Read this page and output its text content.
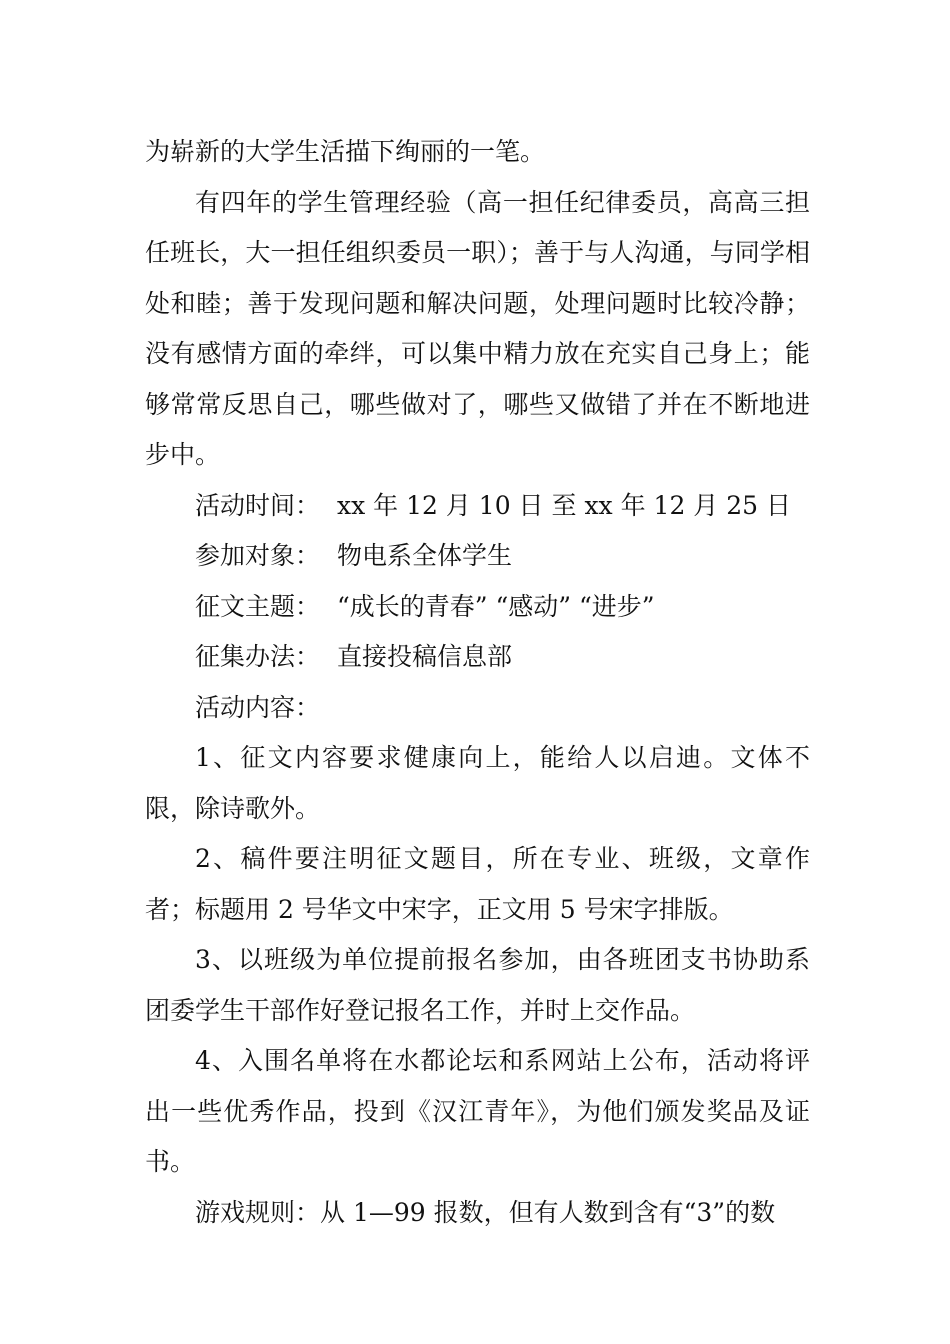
为崭新的大学生活描下绚丽的一笔。

有四年的学生管理经验（高一担任纪律委员，高高三担任班长，大一担任组织委员一职）；善于与人沟通，与同学相处和睦；善于发现问题和解决问题，处理问题时比较冷静；没有感情方面的牵绊，可以集中精力放在充实自己身上；能够常常反思自己，哪些做对了，哪些又做错了并在不断地进步中。

活动时间： xx 年 12 月 10 日 至 xx 年 12 月 25 日
参加对象： 物电系全体学生
征文主题： “成长的青春” “感动” “进步”
征集办法： 直接投稿信息部
活动内容：

1、征文内容要求健康向上，能给人以启迪。文体不限，除诗歌外。

2、稿件要注明征文题目，所在专业、班级，文章作者；标题用 2 号华文中宋字，正文用 5 号宋字排版。

3、以班级为单位提前报名参加，由各班团支书协助系团委学生干部作好登记报名工作，并时上交作品。

4、入围名单将在水都论坛和系网站上公布，活动将评出一些优秀作品，投到《汉江青年》，为他们颁发奖品及证书。

游戏规则：从 1—99 报数，但有人数到含有“3”的数
